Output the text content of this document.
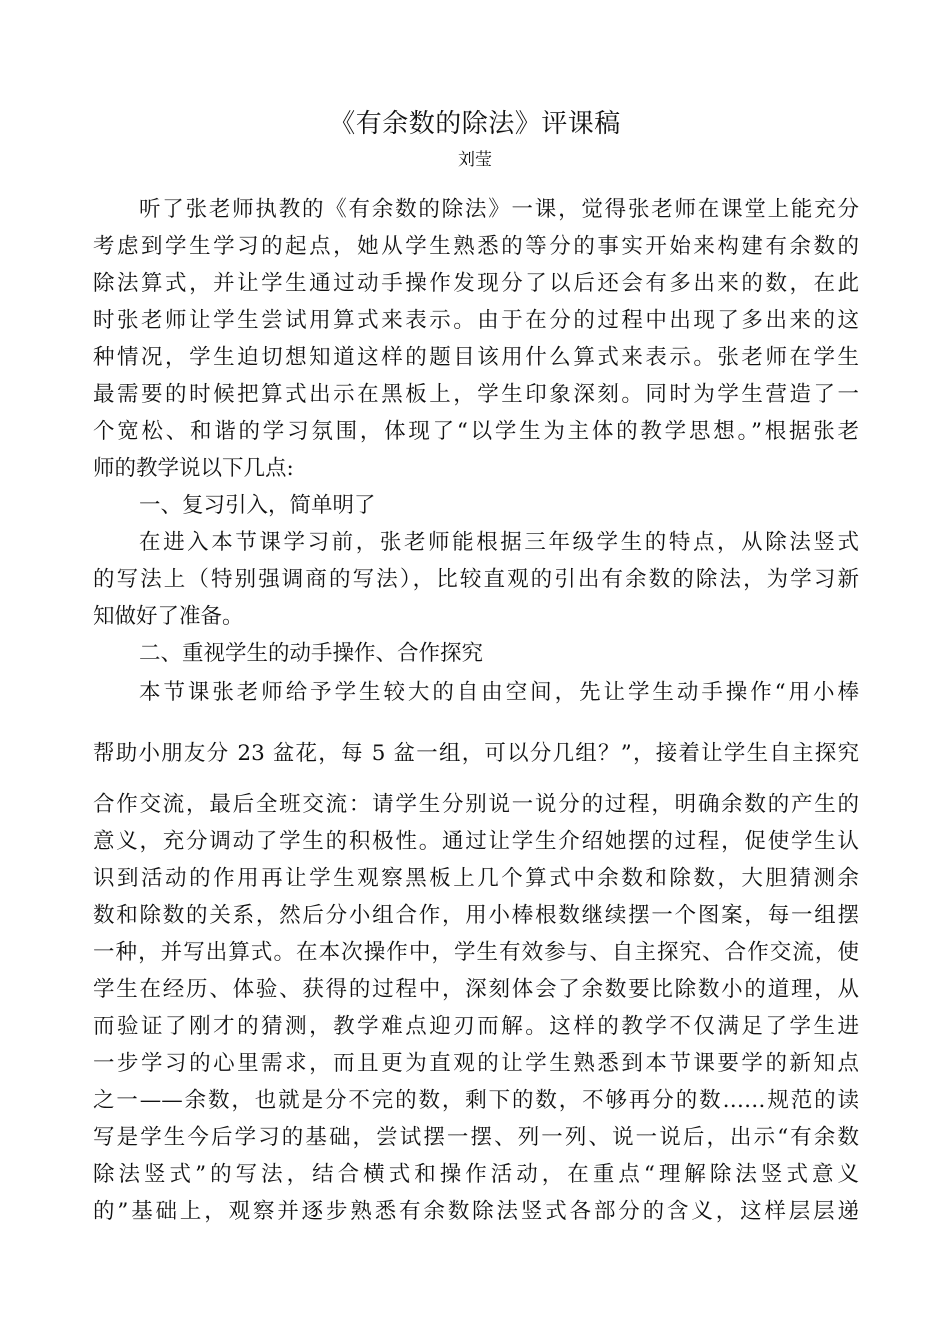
《有余数的除法》评课稿
刘莹
听了张老师执教的《有余数的除法》一课，觉得张老师在课堂上能充分
考虑到学生学习的起点，她从学生熟悉的等分的事实开始来构建有余数的
除法算式，并让学生通过动手操作发现分了以后还会有多出来的数，在此
时张老师让学生尝试用算式来表示。由于在分的过程中出现了多出来的这
种情况，学生迫切想知道这样的题目该用什么算式来表示。张老师在学生
最需要的时候把算式出示在黑板上，学生印象深刻。同时为学生营造了一
个宽松、和谐的学习氛围，体现了“以学生为主体的教学思想。”根据张老
师的教学说以下几点:
一、复习引入，简单明了
在进入本节课学习前，张老师能根据三年级学生的特点，从除法竖式
的写法上（特别强调商的写法），比较直观的引出有余数的除法，为学习新
知做好了准备。
二、重视学生的动手操作、合作探究
本节课张老师给予学生较大的自由空间，先让学生动手操作“用小棒
帮助小朋友分 23 盆花，每 5 盆一组，可以分几组？”，接着让学生自主探究
合作交流，最后全班交流：请学生分别说一说分的过程，明确余数的产生的
意义，充分调动了学生的积极性。通过让学生介绍她摆的过程，促使学生认
识到活动的作用再让学生观察黑板上几个算式中余数和除数，大胆猜测余
数和除数的关系，然后分小组合作，用小棒根数继续摆一个图案，每一组摆
一种，并写出算式。在本次操作中，学生有效参与、自主探究、合作交流，使
学生在经历、体验、获得的过程中，深刻体会了余数要比除数小的道理，从
而验证了刚才的猜测，教学难点迎刃而解。这样的教学不仅满足了学生进
一步学习的心里需求，而且更为直观的让学生熟悉到本节课要学的新知点
之一——余数，也就是分不完的数，剩下的数，不够再分的数……规范的读
写是学生今后学习的基础，尝试摆一摆、列一列、说一说后，出示“有余数
除法竖式”的写法，结合横式和操作活动，在重点“理解除法竖式意义
的”基础上，观察并逐步熟悉有余数除法竖式各部分的含义，这样层层递
